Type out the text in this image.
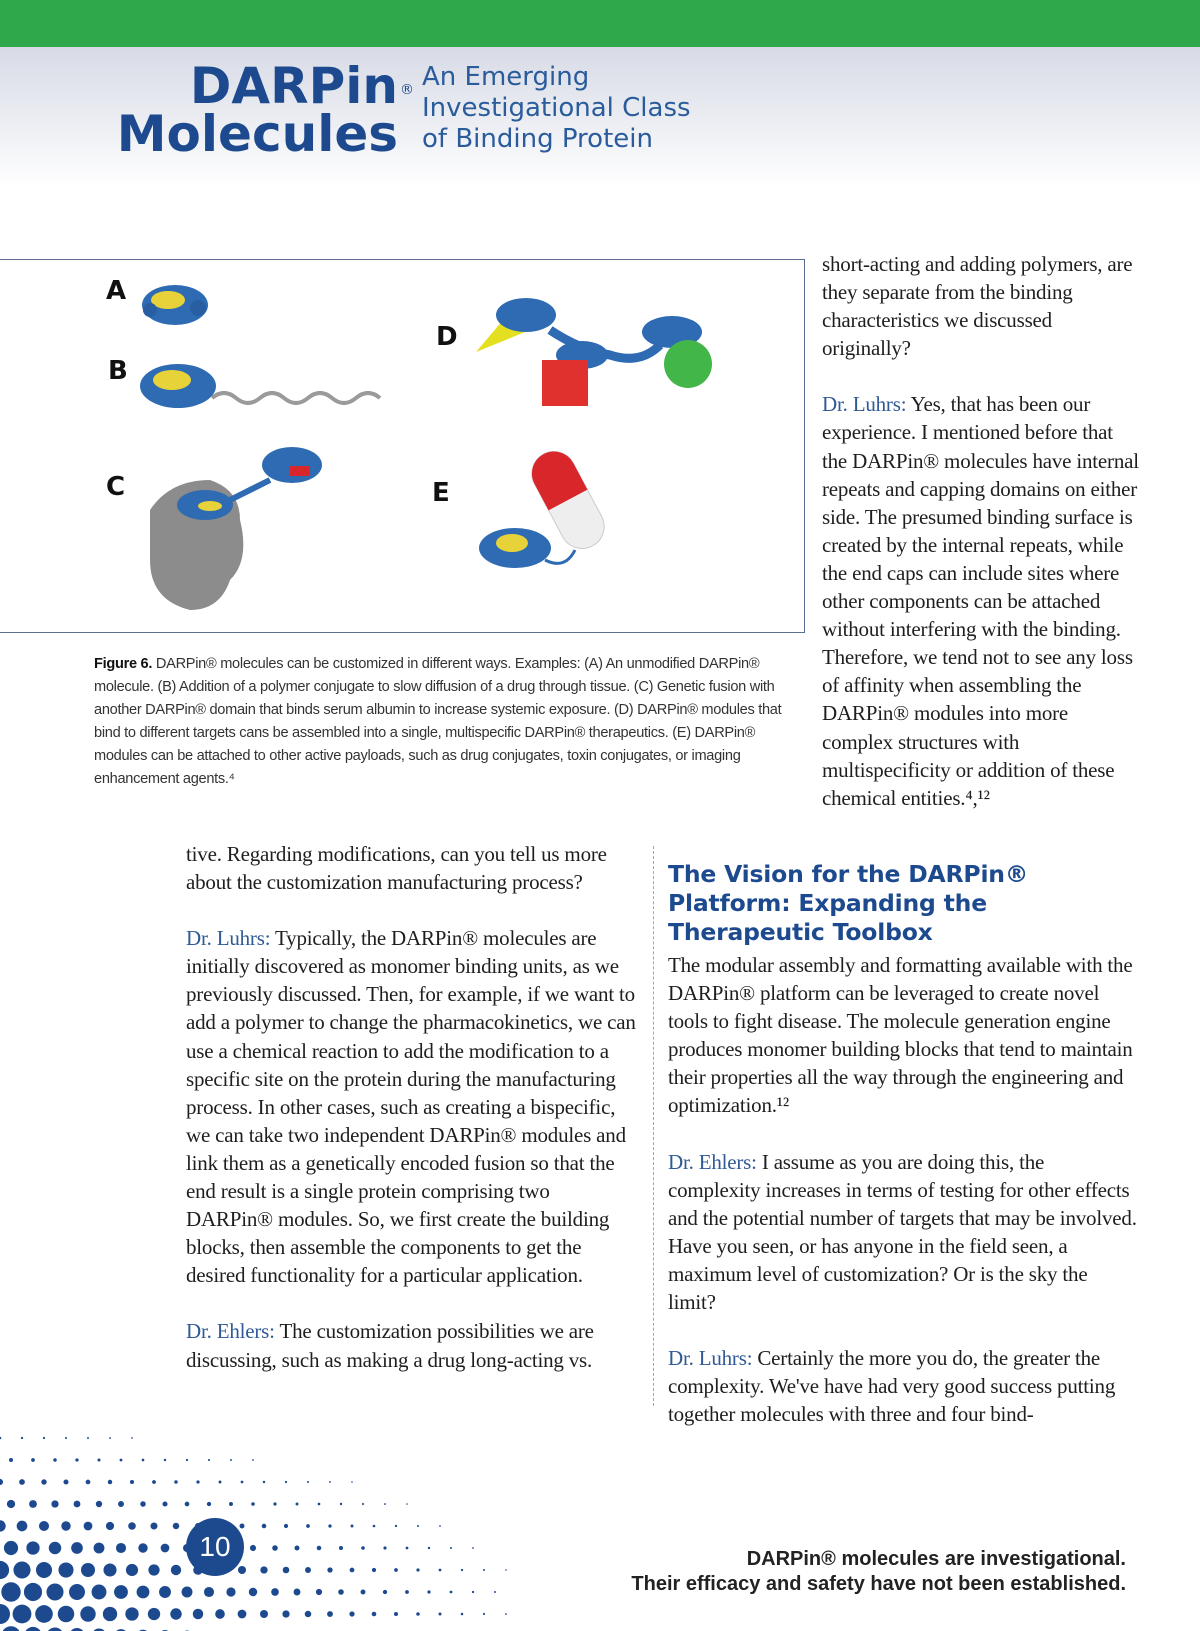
DARPin ®

Molecules
An Emerging
Investigational Class
of Binding Protein
A
B
C
D
E
Figure 6. DARPin® molecules can be customized in different ways. Examples: (A) An unmodified DARPin® molecule. (B) Addition of a polymer conjugate to slow diffusion of a drug through tissue. (C) Genetic fusion with another DARPin® domain that binds serum albumin to increase systemic exposure. (D) DARPin® modules that bind to different targets cans be assembled into a single, multispecific DARPin® therapeutics. (E) DARPin® modules can be attached to other active payloads, such as drug conjugates, toxin conjugates, or imaging enhancement agents.⁴

short-acting and adding polymers, are they separate from the binding characteristics we discussed originally?

Dr. Luhrs: Yes, that has been our experience. I mentioned before that the DARPin® molecules have internal repeats and capping domains on either side. The presumed binding surface is created by the internal repeats, while the end caps can include sites where other components can be attached without interfering with the binding. Therefore, we tend not to see any loss of affinity when assembling the DARPin® modules into more complex structures with multispecificity or addition of these chemical entities.⁴,¹²

tive. Regarding modifications, can you tell us more about the customization manufacturing process?

Dr. Luhrs: Typically, the DARPin® molecules are initially discovered as monomer binding units, as we previously discussed. Then, for example, if we want to add a polymer to change the pharmacokinetics, we can use a chemical reaction to add the modification to a specific site on the protein during the manufacturing process. In other cases, such as creating a bispecific, we can take two independent DARPin® modules and link them as a genetically encoded fusion so that the end result is a single protein comprising two DARPin® modules. So, we first create the building blocks, then assemble the components to get the desired functionality for a particular application.

Dr. Ehlers: The customization possibilities we are discussing, such as making a drug long-acting vs.

The Vision for the DARPin® Platform: Expanding the Therapeutic Toolbox

The modular assembly and formatting available with the DARPin® platform can be leveraged to create novel tools to fight disease. The molecule generation engine produces monomer building blocks that tend to maintain their properties all the way through the engineering and optimization.¹²

Dr. Ehlers: I assume as you are doing this, the complexity increases in terms of testing for other effects and the potential number of targets that may be involved. Have you seen, or has anyone in the field seen, a maximum level of customization? Or is the sky the limit?

Dr. Luhrs: Certainly the more you do, the greater the complexity. We've have had very good success putting together molecules with three and four bind-

10	DARPin® molecules are investigational.
Their efficacy and safety have not been established.
